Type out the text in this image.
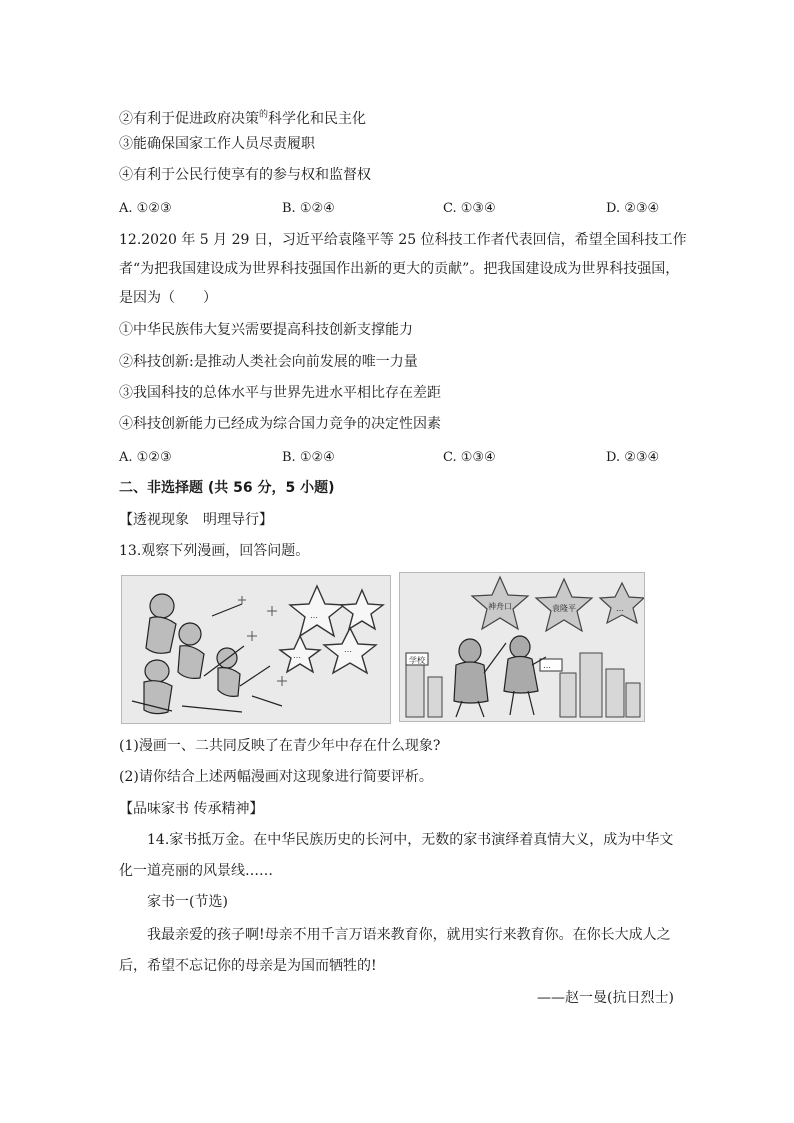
②有利于促进政府决策$^的$科学化和民主化
③能确保国家工作人员尽责履职
④有利于公民行使享有的参与权和监督权
A. ①②③	B. ①②④	C. ①③④	D. ②③④
12.2020 年 5 月 29 日，习近平给袁隆平等 25 位科技工作者代表回信，希望全国科技工作
者“为把我国建设成为世界科技强国作出新的更大的贡献”。把我国建设成为世界科技强国，
是因为（　　）
①中华民族伟大复兴需要提高科技创新支撑能力
②科技创新:是推动人类社会向前发展的唯一力量
③我国科技的总体水平与世界先进水平相比存在差距
④科技创新能力已经成为综合国力竞争的决定性因素
A. ①②③	B. ①②④	C. ①③④	D. ②③④
二、非选择题 (共 56 分，5 小题)
【透视现象　明理导行】
13.观察下列漫画，回答问题。
…
…
…
神舟口	袁隆平	…
学校
…
(1)漫画一、二共同反映了在青少年中存在什么现象?
(2)请你结合上述两幅漫画对这现象进行简要评析。
【品味家书 传承精神】
14.家书抵万金。在中华民族历史的长河中，无数的家书演绎着真情大义，成为中华文
化一道亮丽的风景线……
家书一(节选)
我最亲爱的孩子啊!母亲不用千言万语来教育你，就用实行来教育你。在你长大成人之
后，希望不忘记你的母亲是为国而牺牲的!
——赵一曼(抗日烈士)
